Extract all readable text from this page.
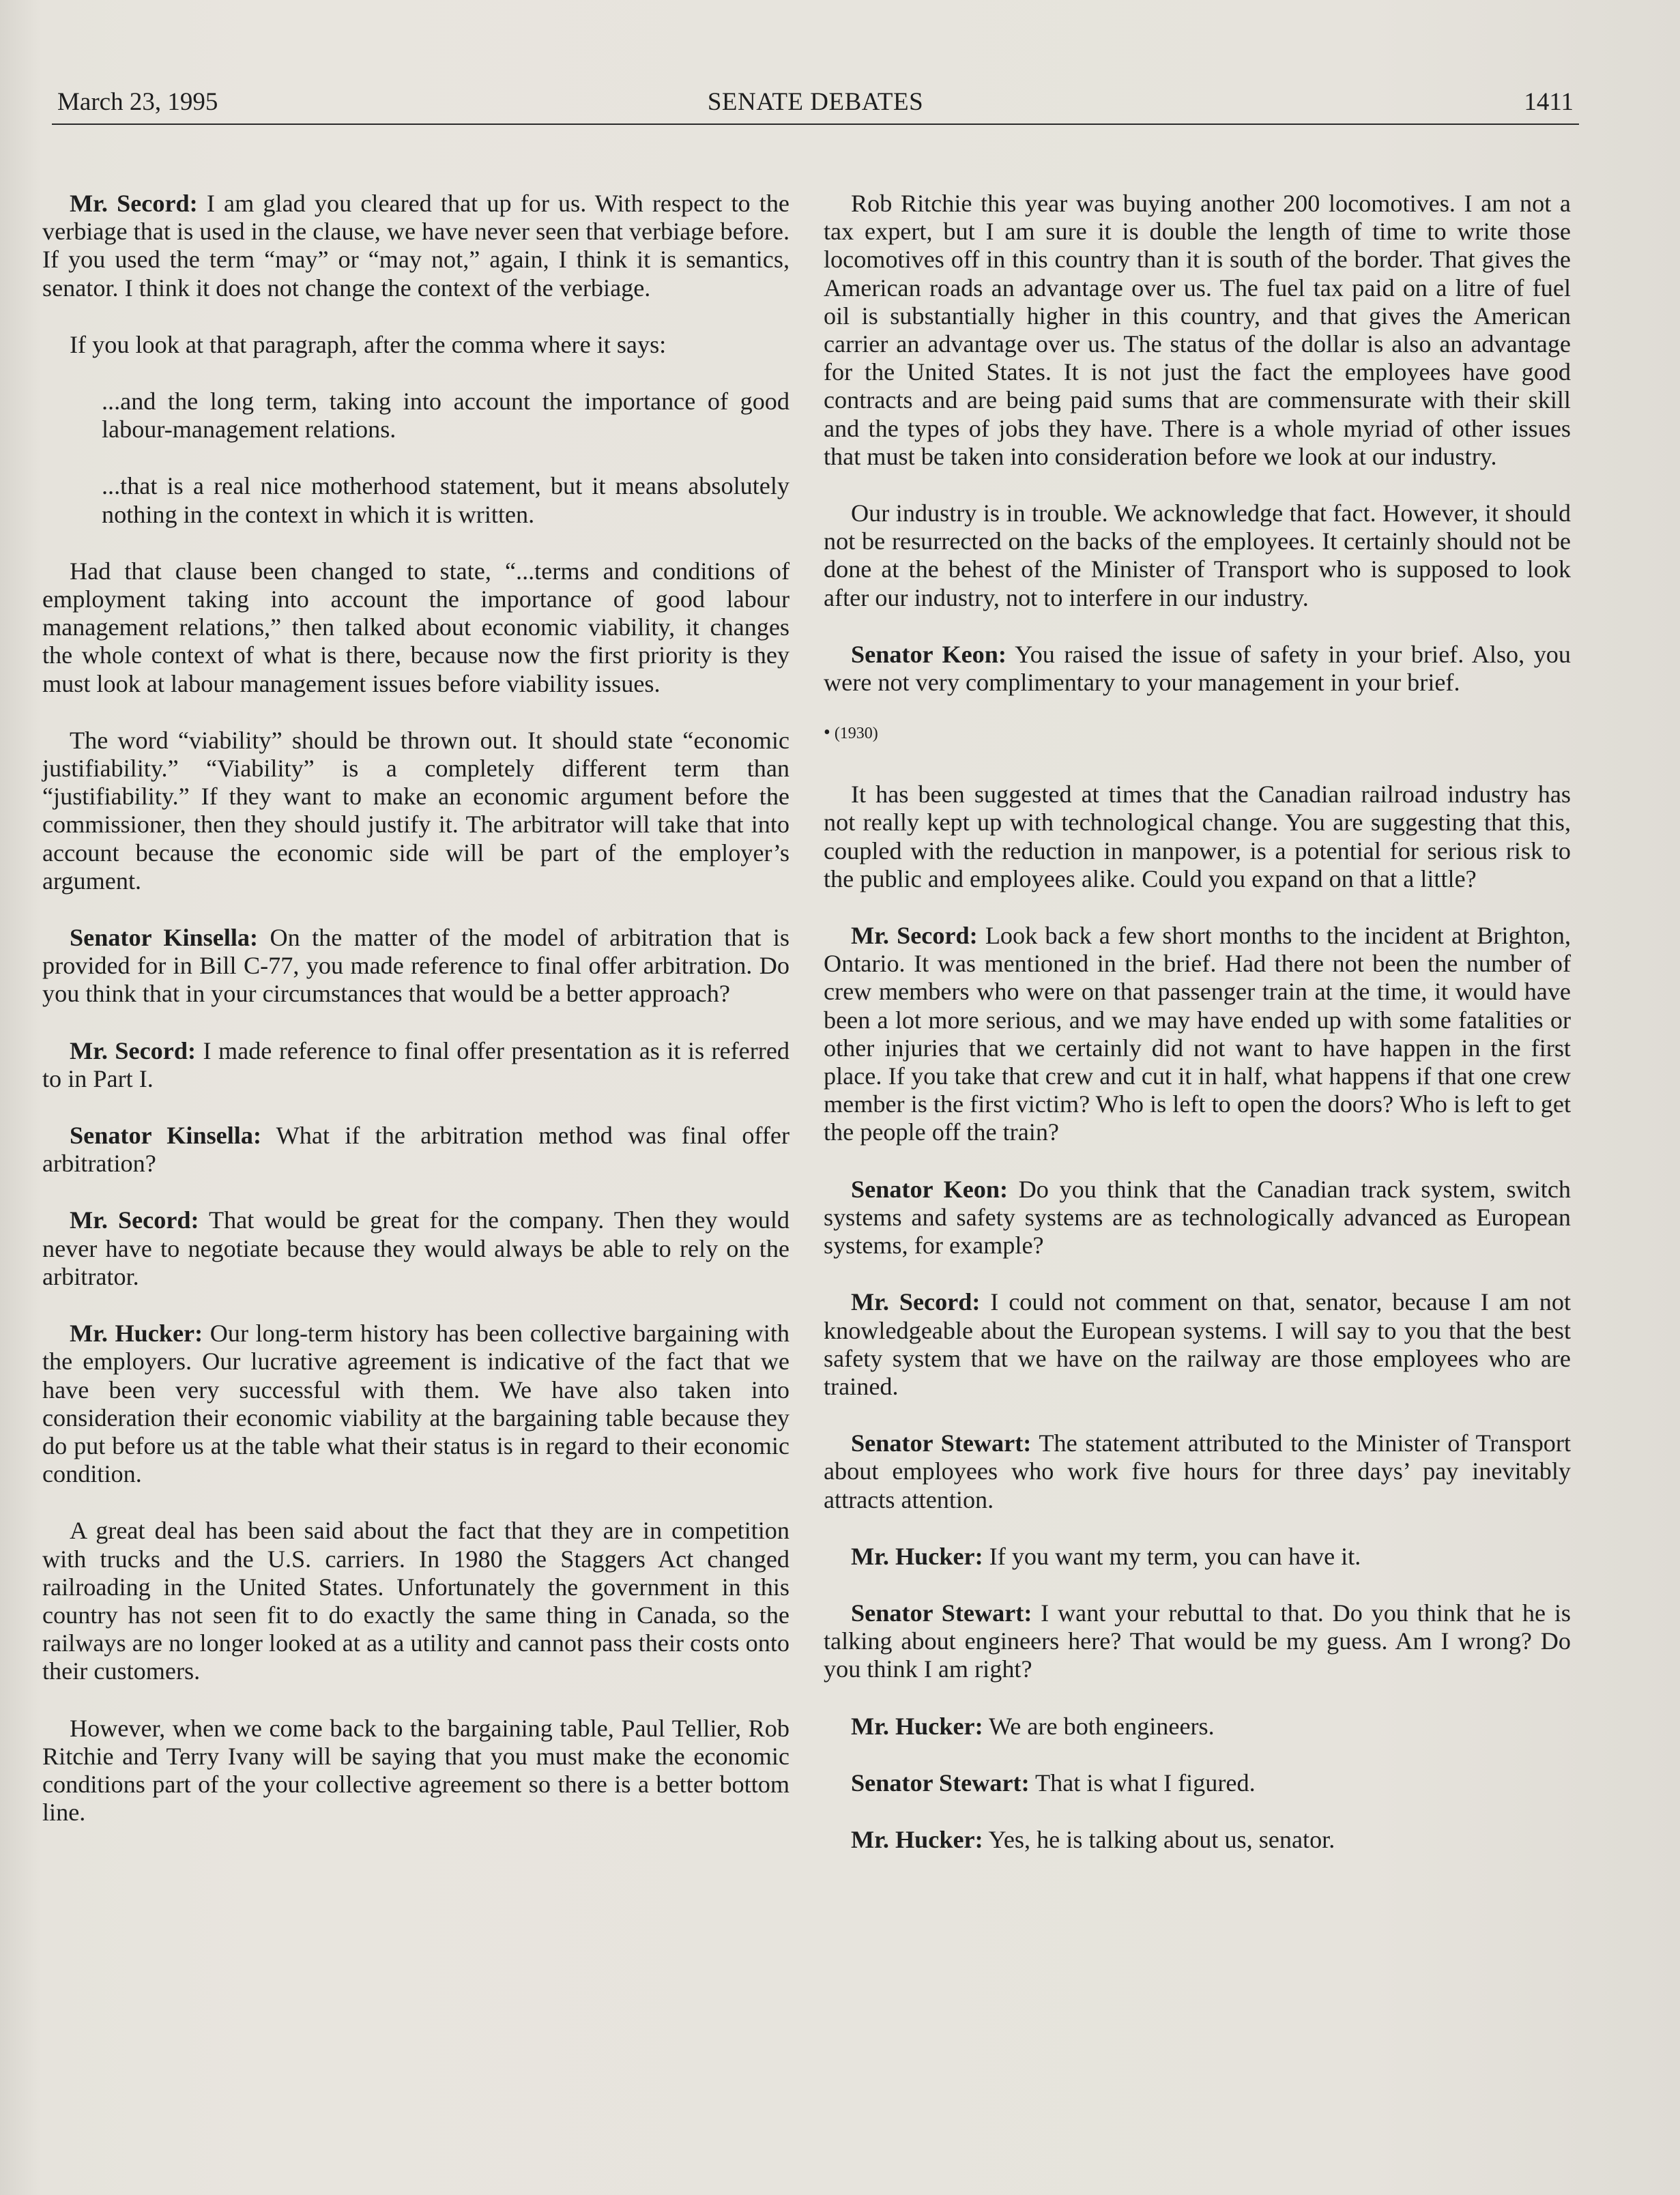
March 23, 1995	SENATE DEBATES	1411

Mr. Secord: I am glad you cleared that up for us. With respect to the verbiage that is used in the clause, we have never seen that verbiage before. If you used the term “may” or “may not,” again, I think it is semantics, senator. I think it does not change the context of the verbiage.

If you look at that paragraph, after the comma where it says:

...and the long term, taking into account the importance of good labour-management relations.

...that is a real nice motherhood statement, but it means absolutely nothing in the context in which it is written.

Had that clause been changed to state, “...terms and conditions of employment taking into account the importance of good labour management relations,” then talked about economic viability, it changes the whole context of what is there, because now the first priority is they must look at labour management issues before viability issues.

The word “viability” should be thrown out. It should state “economic justifiability.” “Viability” is a completely different term than “justifiability.” If they want to make an economic argument before the commissioner, then they should justify it. The arbitrator will take that into account because the economic side will be part of the employer’s argument.

Senator Kinsella: On the matter of the model of arbitration that is provided for in Bill C-77, you made reference to final offer arbitration. Do you think that in your circumstances that would be a better approach?

Mr. Secord: I made reference to final offer presentation as it is referred to in Part I.

Senator Kinsella: What if the arbitration method was final offer arbitration?

Mr. Secord: That would be great for the company. Then they would never have to negotiate because they would always be able to rely on the arbitrator.

Mr. Hucker: Our long-term history has been collective bargaining with the employers. Our lucrative agreement is indicative of the fact that we have been very successful with them. We have also taken into consideration their economic viability at the bargaining table because they do put before us at the table what their status is in regard to their economic condition.

A great deal has been said about the fact that they are in competition with trucks and the U.S. carriers. In 1980 the Staggers Act changed railroading in the United States. Unfortunately the government in this country has not seen fit to do exactly the same thing in Canada, so the railways are no longer looked at as a utility and cannot pass their costs onto their customers.

However, when we come back to the bargaining table, Paul Tellier, Rob Ritchie and Terry Ivany will be saying that you must make the economic conditions part of the your collective agreement so there is a better bottom line.

Rob Ritchie this year was buying another 200 locomotives. I am not a tax expert, but I am sure it is double the length of time to write those locomotives off in this country than it is south of the border. That gives the American roads an advantage over us. The fuel tax paid on a litre of fuel oil is substantially higher in this country, and that gives the American carrier an advantage over us. The status of the dollar is also an advantage for the United States. It is not just the fact the employees have good contracts and are being paid sums that are commensurate with their skill and the types of jobs they have. There is a whole myriad of other issues that must be taken into consideration before we look at our industry.

Our industry is in trouble. We acknowledge that fact. However, it should not be resurrected on the backs of the employees. It certainly should not be done at the behest of the Minister of Transport who is supposed to look after our industry, not to interfere in our industry.

Senator Keon: You raised the issue of safety in your brief. Also, you were not very complimentary to your management in your brief.

• (1930)

It has been suggested at times that the Canadian railroad industry has not really kept up with technological change. You are suggesting that this, coupled with the reduction in manpower, is a potential for serious risk to the public and employees alike. Could you expand on that a little?

Mr. Secord: Look back a few short months to the incident at Brighton, Ontario. It was mentioned in the brief. Had there not been the number of crew members who were on that passenger train at the time, it would have been a lot more serious, and we may have ended up with some fatalities or other injuries that we certainly did not want to have happen in the first place. If you take that crew and cut it in half, what happens if that one crew member is the first victim? Who is left to open the doors? Who is left to get the people off the train?

Senator Keon: Do you think that the Canadian track system, switch systems and safety systems are as technologically advanced as European systems, for example?

Mr. Secord: I could not comment on that, senator, because I am not knowledgeable about the European systems. I will say to you that the best safety system that we have on the railway are those employees who are trained.

Senator Stewart: The statement attributed to the Minister of Transport about employees who work five hours for three days’ pay inevitably attracts attention.

Mr. Hucker: If you want my term, you can have it.

Senator Stewart: I want your rebuttal to that. Do you think that he is talking about engineers here? That would be my guess. Am I wrong? Do you think I am right?

Mr. Hucker: We are both engineers.

Senator Stewart: That is what I figured.

Mr. Hucker: Yes, he is talking about us, senator.
